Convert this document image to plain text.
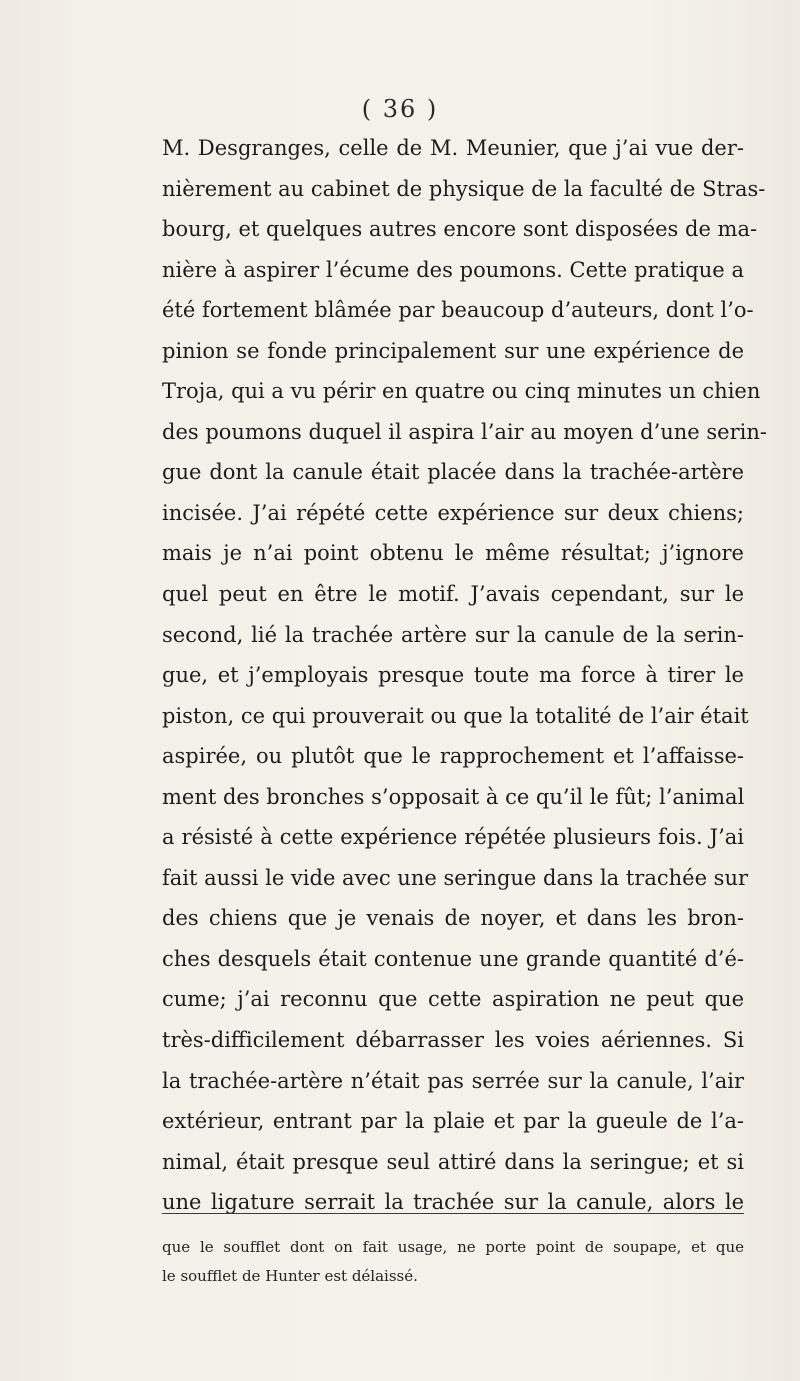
( 36 )
M. Desgranges, celle de M. Meunier, que j’ai vue der-
nièrement au cabinet de physique de la faculté de Stras-
bourg, et quelques autres encore sont disposées de ma-
nière à aspirer l’écume des poumons. Cette pratique a
été fortement blâmée par beaucoup d’auteurs, dont l’o-
pinion se fonde principalement sur une expérience de
Troja, qui a vu périr en quatre ou cinq minutes un chien
des poumons duquel il aspira l’air au moyen d’une serin-
gue dont la canule était placée dans la trachée-artère
incisée. J’ai répété cette expérience sur deux chiens;
mais je n’ai point obtenu le même résultat; j’ignore
quel peut en être le motif. J’avais cependant, sur le
second, lié la trachée artère sur la canule de la serin-
gue, et j’employais presque toute ma force à tirer le
piston, ce qui prouverait ou que la totalité de l’air était
aspirée, ou plutôt que le rapprochement et l’affaisse-
ment des bronches s’opposait à ce qu’il le fût; l’animal
a résisté à cette expérience répétée plusieurs fois. J’ai
fait aussi le vide avec une seringue dans la trachée sur
des chiens que je venais de noyer, et dans les bron-
ches desquels était contenue une grande quantité d’é-
cume; j’ai reconnu que cette aspiration ne peut que
très-difficilement débarrasser les voies aériennes. Si
la trachée-artère n’était pas serrée sur la canule, l’air
extérieur, entrant par la plaie et par la gueule de l’a-
nimal, était presque seul attiré dans la seringue; et si
une ligature serrait la trachée sur la canule, alors le
que le soufflet dont on fait usage, ne porte point de soupape, et que
le soufflet de Hunter est délaissé.
